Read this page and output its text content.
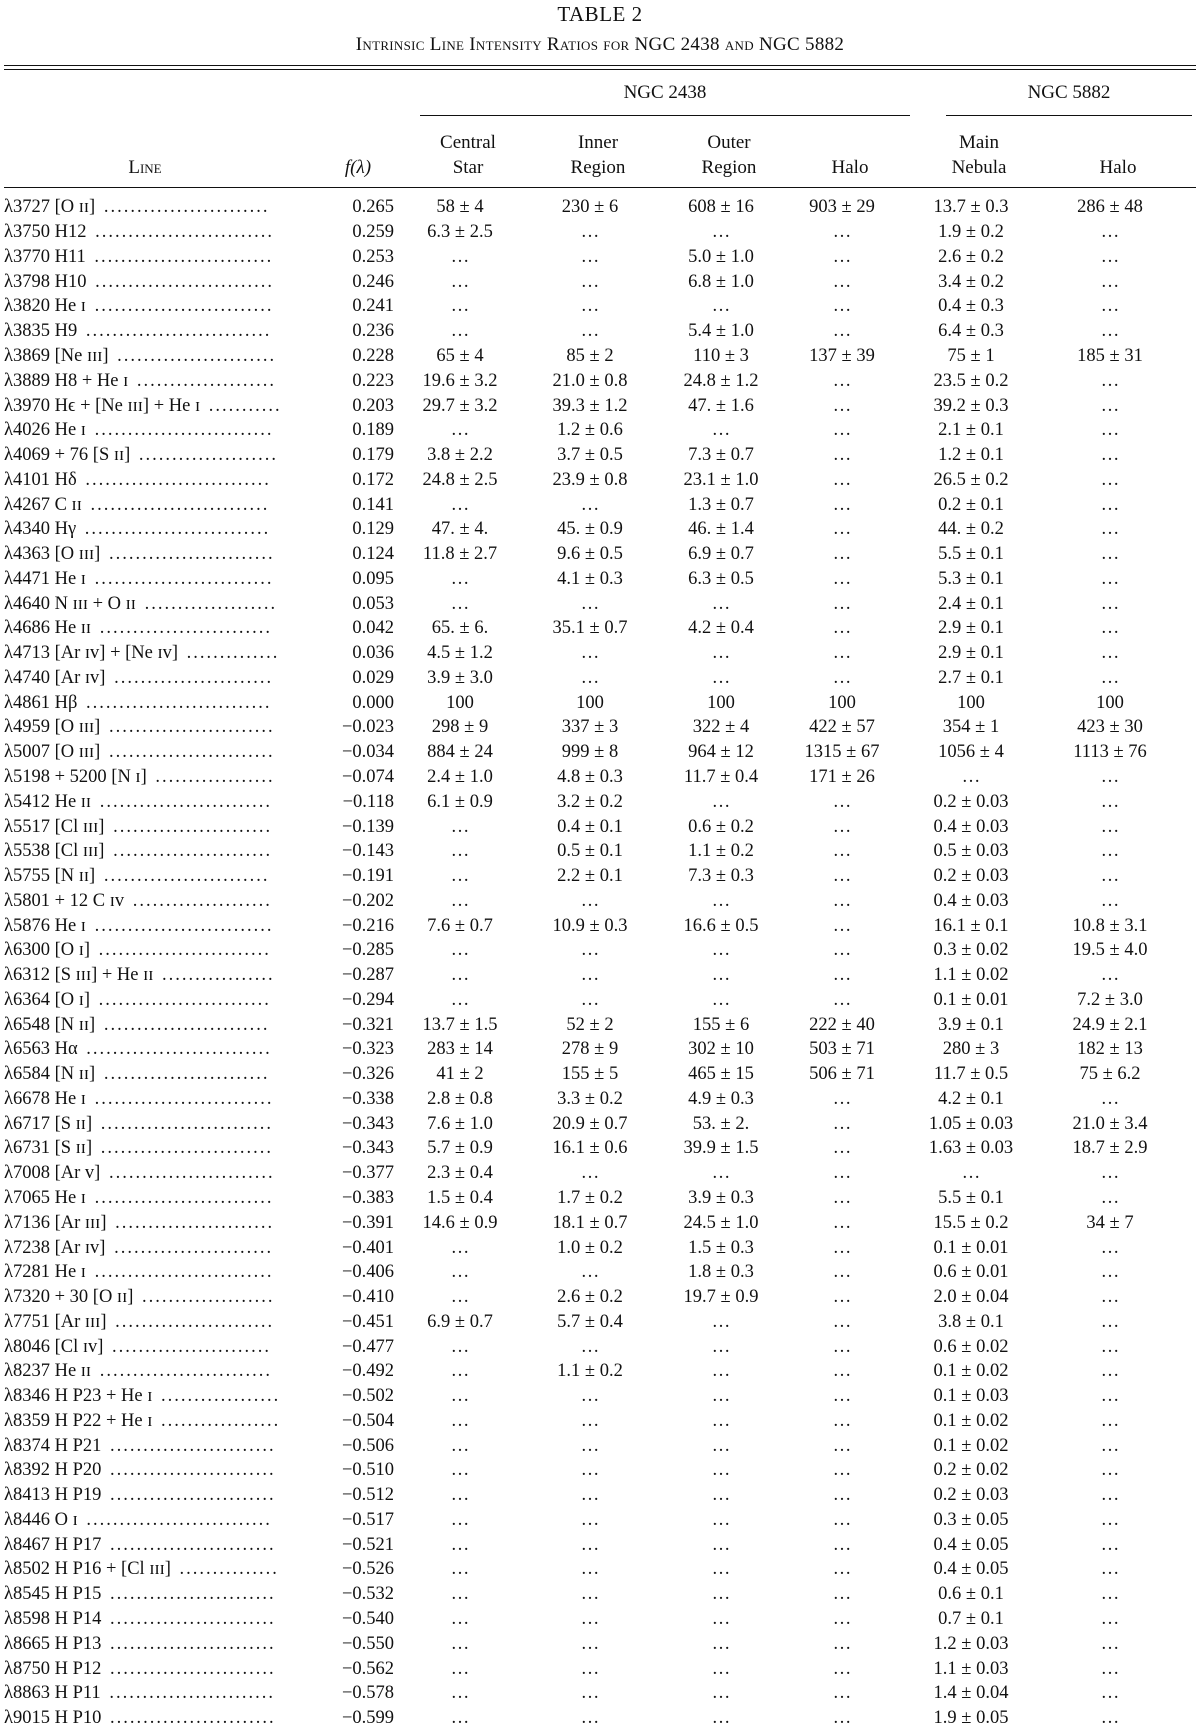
TABLE 2
Intrinsic Line Intensity Ratios for NGC 2438 and NGC 5882
NGC 2438	NGC 5882
Line	f(λ)
Central
Star
Inner
Region
Outer
Region	Halo
Main
Nebula	Halo
λ3727 [O ɪɪ] .........................	0.265	58 ± 4	230 ± 6	608 ± 16	903 ± 29	13.7 ± 0.3	286 ± 48
λ3750 H12 ...........................	0.259	6.3 ± 2.5	…	…	…	1.9 ± 0.2	…
λ3770 H11 ...........................	0.253	…	…	5.0 ± 1.0	…	2.6 ± 0.2	…
λ3798 H10 ...........................	0.246	…	…	6.8 ± 1.0	…	3.4 ± 0.2	…
λ3820 He ɪ ...........................	0.241	…	…	…	…	0.4 ± 0.3	…
λ3835 H9 ............................	0.236	…	…	5.4 ± 1.0	…	6.4 ± 0.3	…
λ3869 [Ne ɪɪɪ] ........................	0.228	65 ± 4	85 ± 2	110 ± 3	137 ± 39	75 ± 1	185 ± 31
λ3889 H8 + He ɪ .....................	0.223	19.6 ± 3.2	21.0 ± 0.8	24.8 ± 1.2	…	23.5 ± 0.2	…
λ3970 Hϵ + [Ne ɪɪɪ] + He ɪ ...........	0.203	29.7 ± 3.2	39.3 ± 1.2	47. ± 1.6	…	39.2 ± 0.3	…
λ4026 He ɪ ...........................	0.189	…	1.2 ± 0.6	…	…	2.1 ± 0.1	…
λ4069 + 76 [S ɪɪ] .....................	0.179	3.8 ± 2.2	3.7 ± 0.5	7.3 ± 0.7	…	1.2 ± 0.1	…
λ4101 Hδ ............................	0.172	24.8 ± 2.5	23.9 ± 0.8	23.1 ± 1.0	…	26.5 ± 0.2	…
λ4267 C ɪɪ ...........................	0.141	…	…	1.3 ± 0.7	…	0.2 ± 0.1	…
λ4340 Hγ ............................	0.129	47. ± 4.	45. ± 0.9	46. ± 1.4	…	44. ± 0.2	…
λ4363 [O ɪɪɪ] .........................	0.124	11.8 ± 2.7	9.6 ± 0.5	6.9 ± 0.7	…	5.5 ± 0.1	…
λ4471 He ɪ ...........................	0.095	…	4.1 ± 0.3	6.3 ± 0.5	…	5.3 ± 0.1	…
λ4640 N ɪɪɪ + O ɪɪ ....................	0.053	…	…	…	…	2.4 ± 0.1	…
λ4686 He ɪɪ ..........................	0.042	65. ± 6.	35.1 ± 0.7	4.2 ± 0.4	…	2.9 ± 0.1	…
λ4713 [Ar ɪᴠ] + [Ne ɪᴠ] ..............	0.036	4.5 ± 1.2	…	…	…	2.9 ± 0.1	…
λ4740 [Ar ɪᴠ] ........................	0.029	3.9 ± 3.0	…	…	…	2.7 ± 0.1	…
λ4861 Hβ ............................	0.000	100	100	100	100	100	100
λ4959 [O ɪɪɪ] .........................	−0.023	298 ± 9	337 ± 3	322 ± 4	422 ± 57	354 ± 1	423 ± 30
λ5007 [O ɪɪɪ] .........................	−0.034	884 ± 24	999 ± 8	964 ± 12	1315 ± 67	1056 ± 4	1113 ± 76
λ5198 + 5200 [N ɪ] ..................	−0.074	2.4 ± 1.0	4.8 ± 0.3	11.7 ± 0.4	171 ± 26	…	…
λ5412 He ɪɪ ..........................	−0.118	6.1 ± 0.9	3.2 ± 0.2	…	…	0.2 ± 0.03	…
λ5517 [Cl ɪɪɪ] ........................	−0.139	…	0.4 ± 0.1	0.6 ± 0.2	…	0.4 ± 0.03	…
λ5538 [Cl ɪɪɪ] ........................	−0.143	…	0.5 ± 0.1	1.1 ± 0.2	…	0.5 ± 0.03	…
λ5755 [N ɪɪ] .........................	−0.191	…	2.2 ± 0.1	7.3 ± 0.3	…	0.2 ± 0.03	…
λ5801 + 12 C ɪᴠ .....................	−0.202	…	…	…	…	0.4 ± 0.03	…
λ5876 He ɪ ...........................	−0.216	7.6 ± 0.7	10.9 ± 0.3	16.6 ± 0.5	…	16.1 ± 0.1	10.8 ± 3.1
λ6300 [O ɪ] ..........................	−0.285	…	…	…	…	0.3 ± 0.02	19.5 ± 4.0
λ6312 [S ɪɪɪ] + He ɪɪ .................	−0.287	…	…	…	…	1.1 ± 0.02	…
λ6364 [O ɪ] ..........................	−0.294	…	…	…	…	0.1 ± 0.01	7.2 ± 3.0
λ6548 [N ɪɪ] .........................	−0.321	13.7 ± 1.5	52 ± 2	155 ± 6	222 ± 40	3.9 ± 0.1	24.9 ± 2.1
λ6563 Hα ............................	−0.323	283 ± 14	278 ± 9	302 ± 10	503 ± 71	280 ± 3	182 ± 13
λ6584 [N ɪɪ] .........................	−0.326	41 ± 2	155 ± 5	465 ± 15	506 ± 71	11.7 ± 0.5	75 ± 6.2
λ6678 He ɪ ...........................	−0.338	2.8 ± 0.8	3.3 ± 0.2	4.9 ± 0.3	…	4.2 ± 0.1	…
λ6717 [S ɪɪ] ..........................	−0.343	7.6 ± 1.0	20.9 ± 0.7	53. ± 2.	…	1.05 ± 0.03	21.0 ± 3.4
λ6731 [S ɪɪ] ..........................	−0.343	5.7 ± 0.9	16.1 ± 0.6	39.9 ± 1.5	…	1.63 ± 0.03	18.7 ± 2.9
λ7008 [Ar ᴠ] .........................	−0.377	2.3 ± 0.4	…	…	…	…	…
λ7065 He ɪ ...........................	−0.383	1.5 ± 0.4	1.7 ± 0.2	3.9 ± 0.3	…	5.5 ± 0.1	…
λ7136 [Ar ɪɪɪ] ........................	−0.391	14.6 ± 0.9	18.1 ± 0.7	24.5 ± 1.0	…	15.5 ± 0.2	34 ± 7
λ7238 [Ar ɪᴠ] ........................	−0.401	…	1.0 ± 0.2	1.5 ± 0.3	…	0.1 ± 0.01	…
λ7281 He ɪ ...........................	−0.406	…	…	1.8 ± 0.3	…	0.6 ± 0.01	…
λ7320 + 30 [O ɪɪ] ....................	−0.410	…	2.6 ± 0.2	19.7 ± 0.9	…	2.0 ± 0.04	…
λ7751 [Ar ɪɪɪ] ........................	−0.451	6.9 ± 0.7	5.7 ± 0.4	…	…	3.8 ± 0.1	…
λ8046 [Cl ɪᴠ] ........................	−0.477	…	…	…	…	0.6 ± 0.02	…
λ8237 He ɪɪ ..........................	−0.492	…	1.1 ± 0.2	…	…	0.1 ± 0.02	…
λ8346 H P23 + He ɪ ..................	−0.502	…	…	…	…	0.1 ± 0.03	…
λ8359 H P22 + He ɪ ..................	−0.504	…	…	…	…	0.1 ± 0.02	…
λ8374 H P21 .........................	−0.506	…	…	…	…	0.1 ± 0.02	…
λ8392 H P20 .........................	−0.510	…	…	…	…	0.2 ± 0.02	…
λ8413 H P19 .........................	−0.512	…	…	…	…	0.2 ± 0.03	…
λ8446 O ɪ ............................	−0.517	…	…	…	…	0.3 ± 0.05	…
λ8467 H P17 .........................	−0.521	…	…	…	…	0.4 ± 0.05	…
λ8502 H P16 + [Cl ɪɪɪ] ...............	−0.526	…	…	…	…	0.4 ± 0.05	…
λ8545 H P15 .........................	−0.532	…	…	…	…	0.6 ± 0.1	…
λ8598 H P14 .........................	−0.540	…	…	…	…	0.7 ± 0.1	…
λ8665 H P13 .........................	−0.550	…	…	…	…	1.2 ± 0.03	…
λ8750 H P12 .........................	−0.562	…	…	…	…	1.1 ± 0.03	…
λ8863 H P11 .........................	−0.578	…	…	…	…	1.4 ± 0.04	…
λ9015 H P10 .........................	−0.599	…	…	…	…	1.9 ± 0.05	…
